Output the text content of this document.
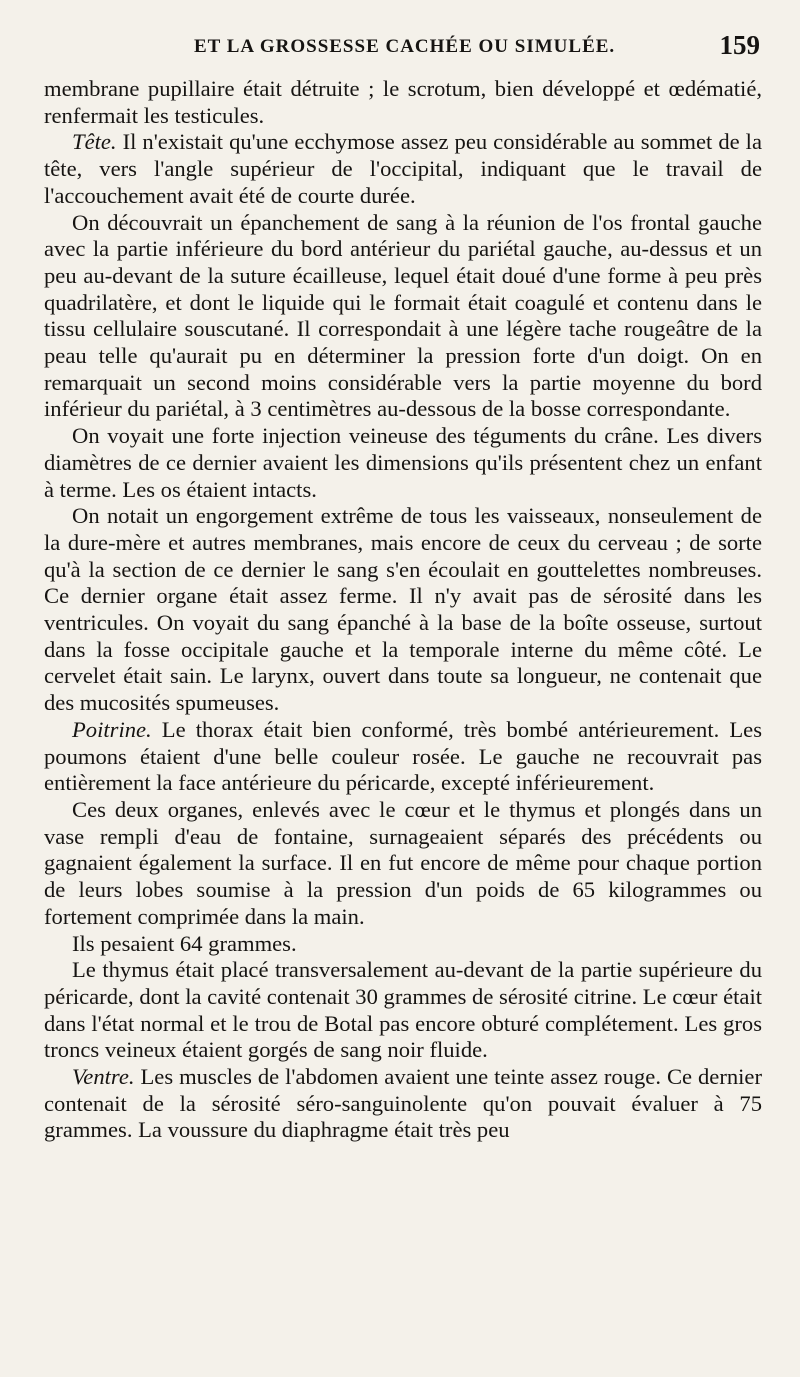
ET LA GROSSESSE CACHÉE OU SIMULÉE.	159

membrane pupillaire était détruite ; le scrotum, bien développé et œdématié, renfermait les testicules.

Tête. Il n'existait qu'une ecchymose assez peu considérable au sommet de la tête, vers l'angle supérieur de l'occipital, indiquant que le travail de l'accouchement avait été de courte durée.

On découvrait un épanchement de sang à la réunion de l'os frontal gauche avec la partie inférieure du bord antérieur du pariétal gauche, au-dessus et un peu au-devant de la suture écailleuse, lequel était doué d'une forme à peu près quadrilatère, et dont le liquide qui le formait était coagulé et contenu dans le tissu cellulaire souscutané. Il correspondait à une légère tache rougeâtre de la peau telle qu'aurait pu en déterminer la pression forte d'un doigt. On en remarquait un second moins considérable vers la partie moyenne du bord inférieur du pariétal, à 3 centimètres au-dessous de la bosse correspondante.

On voyait une forte injection veineuse des téguments du crâne. Les divers diamètres de ce dernier avaient les dimensions qu'ils présentent chez un enfant à terme. Les os étaient intacts.

On notait un engorgement extrême de tous les vaisseaux, nonseulement de la dure-mère et autres membranes, mais encore de ceux du cerveau ; de sorte qu'à la section de ce dernier le sang s'en écoulait en gouttelettes nombreuses. Ce dernier organe était assez ferme. Il n'y avait pas de sérosité dans les ventricules. On voyait du sang épanché à la base de la boîte osseuse, surtout dans la fosse occipitale gauche et la temporale interne du même côté. Le cervelet était sain. Le larynx, ouvert dans toute sa longueur, ne contenait que des mucosités spumeuses.

Poitrine. Le thorax était bien conformé, très bombé antérieurement. Les poumons étaient d'une belle couleur rosée. Le gauche ne recouvrait pas entièrement la face antérieure du péricarde, excepté inférieurement.

Ces deux organes, enlevés avec le cœur et le thymus et plongés dans un vase rempli d'eau de fontaine, surnageaient séparés des précédents ou gagnaient également la surface. Il en fut encore de même pour chaque portion de leurs lobes soumise à la pression d'un poids de 65 kilogrammes ou fortement comprimée dans la main.

Ils pesaient 64 grammes.

Le thymus était placé transversalement au-devant de la partie supérieure du péricarde, dont la cavité contenait 30 grammes de sérosité citrine. Le cœur était dans l'état normal et le trou de Botal pas encore obturé complétement. Les gros troncs veineux étaient gorgés de sang noir fluide.

Ventre. Les muscles de l'abdomen avaient une teinte assez rouge. Ce dernier contenait de la sérosité séro-sanguinolente qu'on pouvait évaluer à 75 grammes. La voussure du diaphragme était très peu
